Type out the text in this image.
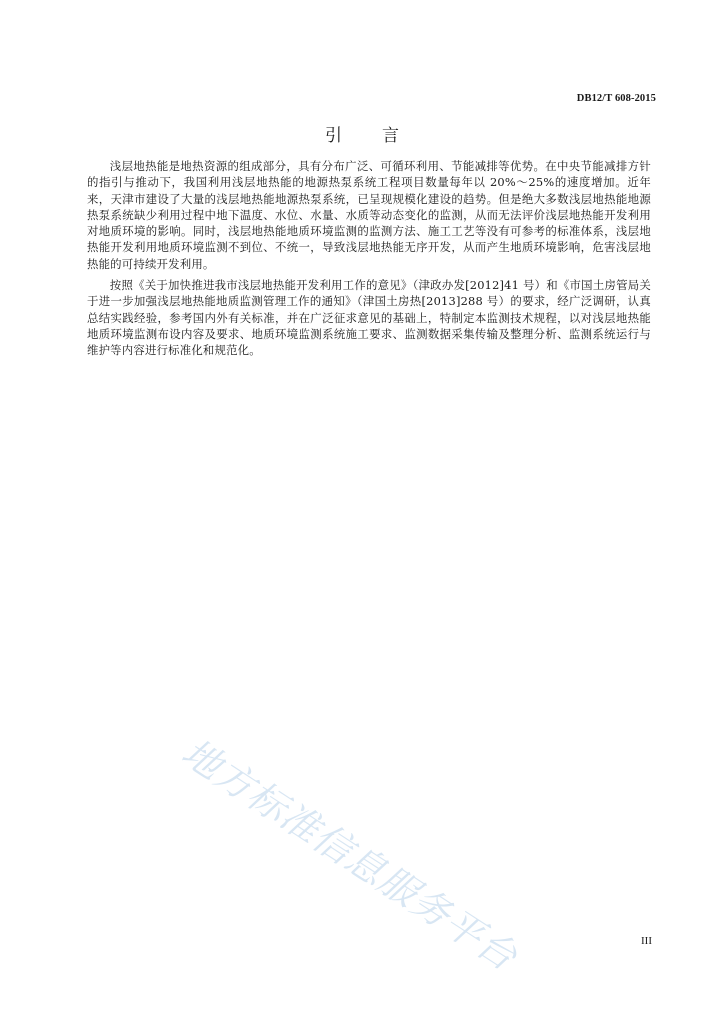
DB12/T 608-2015
引言

浅层地热能是地热资源的组成部分，具有分布广泛、可循环利用、节能减排等优势。在中央节能减排方针的指引与推动下，我国利用浅层地热能的地源热泵系统工程项目数量每年以 20%～25%的速度增加。近年来，天津市建设了大量的浅层地热能地源热泵系统，已呈现规模化建设的趋势。但是绝大多数浅层地热能地源热泵系统缺少利用过程中地下温度、水位、水量、水质等动态变化的监测，从而无法评价浅层地热能开发利用对地质环境的影响。同时，浅层地热能地质环境监测的监测方法、施工工艺等没有可参考的标准体系，浅层地热能开发利用地质环境监测不到位、不统一，导致浅层地热能无序开发，从而产生地质环境影响，危害浅层地热能的可持续开发利用。

按照《关于加快推进我市浅层地热能开发利用工作的意见》（津政办发[2012]41 号）和《市国土房管局关于进一步加强浅层地热能地质监测管理工作的通知》（津国土房热[2013]288 号）的要求，经广泛调研，认真总结实践经验，参考国内外有关标准，并在广泛征求意见的基础上，特制定本监测技术规程，以对浅层地热能地质环境监测布设内容及要求、地质环境监测系统施工要求、监测数据采集传输及整理分析、监测系统运行与维护等内容进行标准化和规范化。

地方标准信息服务平台	III
